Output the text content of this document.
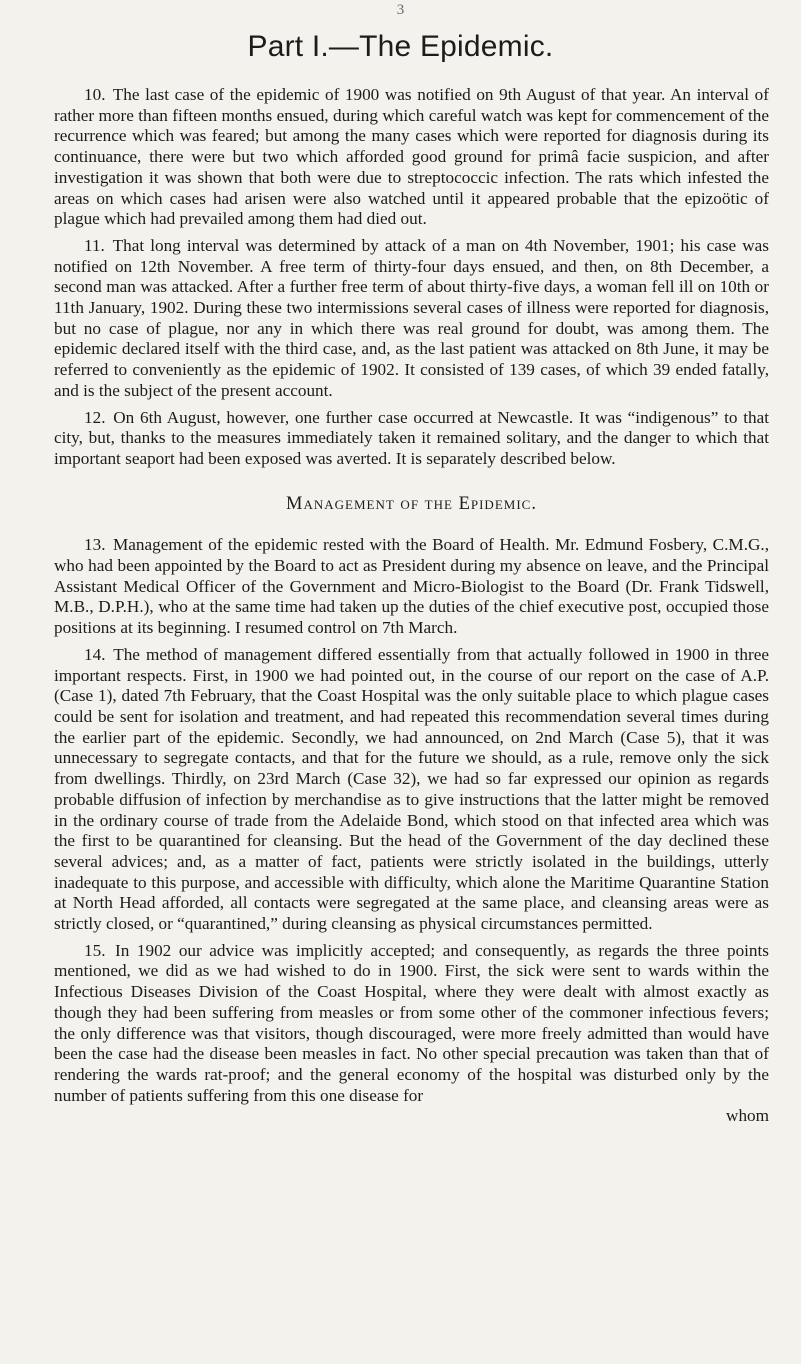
3
Part I.—The Epidemic.

10. The last case of the epidemic of 1900 was notified on 9th August of that year. An interval of rather more than fifteen months ensued, during which careful watch was kept for commencement of the recurrence which was feared; but among the many cases which were reported for diagnosis during its continuance, there were but two which afforded good ground for primâ facie suspicion, and after investigation it was shown that both were due to streptococcic infection. The rats which infested the areas on which cases had arisen were also watched until it appeared probable that the epizoötic of plague which had prevailed among them had died out.

11. That long interval was determined by attack of a man on 4th November, 1901; his case was notified on 12th November. A free term of thirty-four days ensued, and then, on 8th December, a second man was attacked. After a further free term of about thirty-five days, a woman fell ill on 10th or 11th January, 1902. During these two intermissions several cases of illness were reported for diagnosis, but no case of plague, nor any in which there was real ground for doubt, was among them. The epidemic declared itself with the third case, and, as the last patient was attacked on 8th June, it may be referred to conveniently as the epidemic of 1902. It consisted of 139 cases, of which 39 ended fatally, and is the subject of the present account.

12. On 6th August, however, one further case occurred at Newcastle. It was “indigenous” to that city, but, thanks to the measures immediately taken it remained solitary, and the danger to which that important seaport had been exposed was averted. It is separately described below.

Management of the Epidemic.

13. Management of the epidemic rested with the Board of Health. Mr. Edmund Fosbery, C.M.G., who had been appointed by the Board to act as President during my absence on leave, and the Principal Assistant Medical Officer of the Government and Micro-Biologist to the Board (Dr. Frank Tidswell, M.B., D.P.H.), who at the same time had taken up the duties of the chief executive post, occupied those positions at its beginning. I resumed control on 7th March.

14. The method of management differed essentially from that actually followed in 1900 in three important respects. First, in 1900 we had pointed out, in the course of our report on the case of A.P. (Case 1), dated 7th February, that the Coast Hospital was the only suitable place to which plague cases could be sent for isolation and treatment, and had repeated this recommendation several times during the earlier part of the epidemic. Secondly, we had announced, on 2nd March (Case 5), that it was unnecessary to segregate contacts, and that for the future we should, as a rule, remove only the sick from dwellings. Thirdly, on 23rd March (Case 32), we had so far expressed our opinion as regards probable diffusion of infection by merchandise as to give instructions that the latter might be removed in the ordinary course of trade from the Adelaide Bond, which stood on that infected area which was the first to be quarantined for cleansing. But the head of the Government of the day declined these several advices; and, as a matter of fact, patients were strictly isolated in the buildings, utterly inadequate to this purpose, and accessible with difficulty, which alone the Maritime Quarantine Station at North Head afforded, all contacts were segregated at the same place, and cleansing areas were as strictly closed, or “quarantined,” during cleansing as physical circumstances permitted.

15. In 1902 our advice was implicitly accepted; and consequently, as regards the three points mentioned, we did as we had wished to do in 1900. First, the sick were sent to wards within the Infectious Diseases Division of the Coast Hospital, where they were dealt with almost exactly as though they had been suffering from measles or from some other of the commoner infectious fevers; the only difference was that visitors, though discouraged, were more freely admitted than would have been the case had the disease been measles in fact. No other special precaution was taken than that of rendering the wards rat-proof; and the general economy of the hospital was disturbed only by the number of patients suffering from this one disease for

whom
